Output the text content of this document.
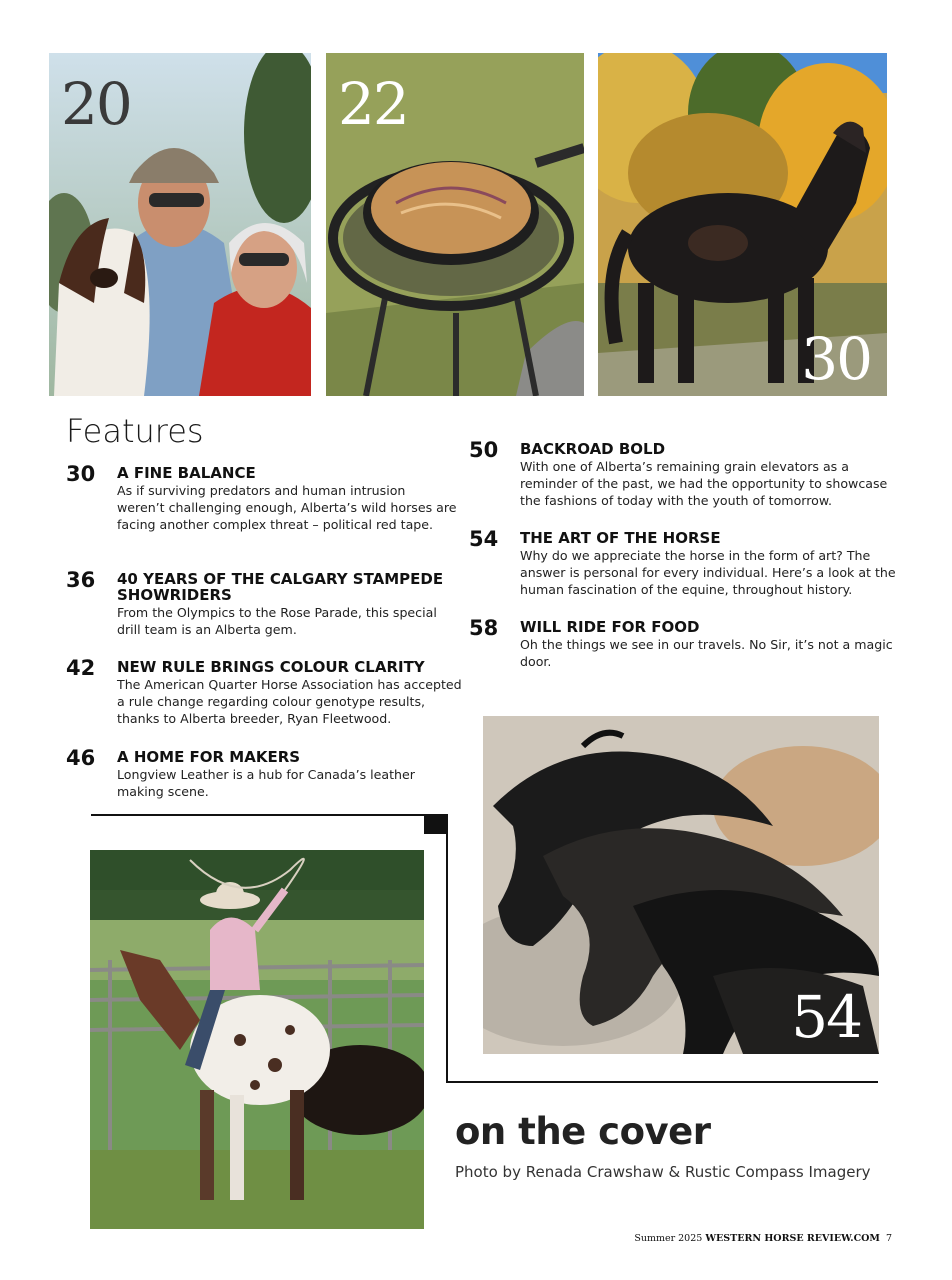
20	22
30
Features
30 A FINE BALANCE
As if surviving predators and human intrusion weren’t challenging enough, Alberta’s wild horses are facing another complex threat – political red tape.
36 40 YEARS OF THE CALGARY STAMPEDE SHOWRIDERS
From the Olympics to the Rose Parade, this special drill team is an Alberta gem.
42 NEW RULE BRINGS COLOUR CLARITY
The American Quarter Horse Association has accepted a rule change regarding colour genotype results, thanks to Alberta breeder, Ryan Fleetwood.
46 A HOME FOR MAKERS
Longview Leather is a hub for Canada’s leather making scene.
50 BACKROAD BOLD
With one of Alberta’s remaining grain elevators as a reminder of the past, we had the opportunity to showcase the fashions of today with the youth of tomorrow.
54 THE ART OF THE HORSE
Why do we appreciate the horse in the form of art? The answer is personal for every individual. Here’s a look at the human fascination of the equine, throughout history.
58 WILL RIDE FOR FOOD
Oh the things we see in our travels. No Sir, it’s not a magic door.
54
on the cover
Photo by Renada Crawshaw & Rustic Compass Imagery
Summer 2025 WESTERN HORSE REVIEW.COM 7
